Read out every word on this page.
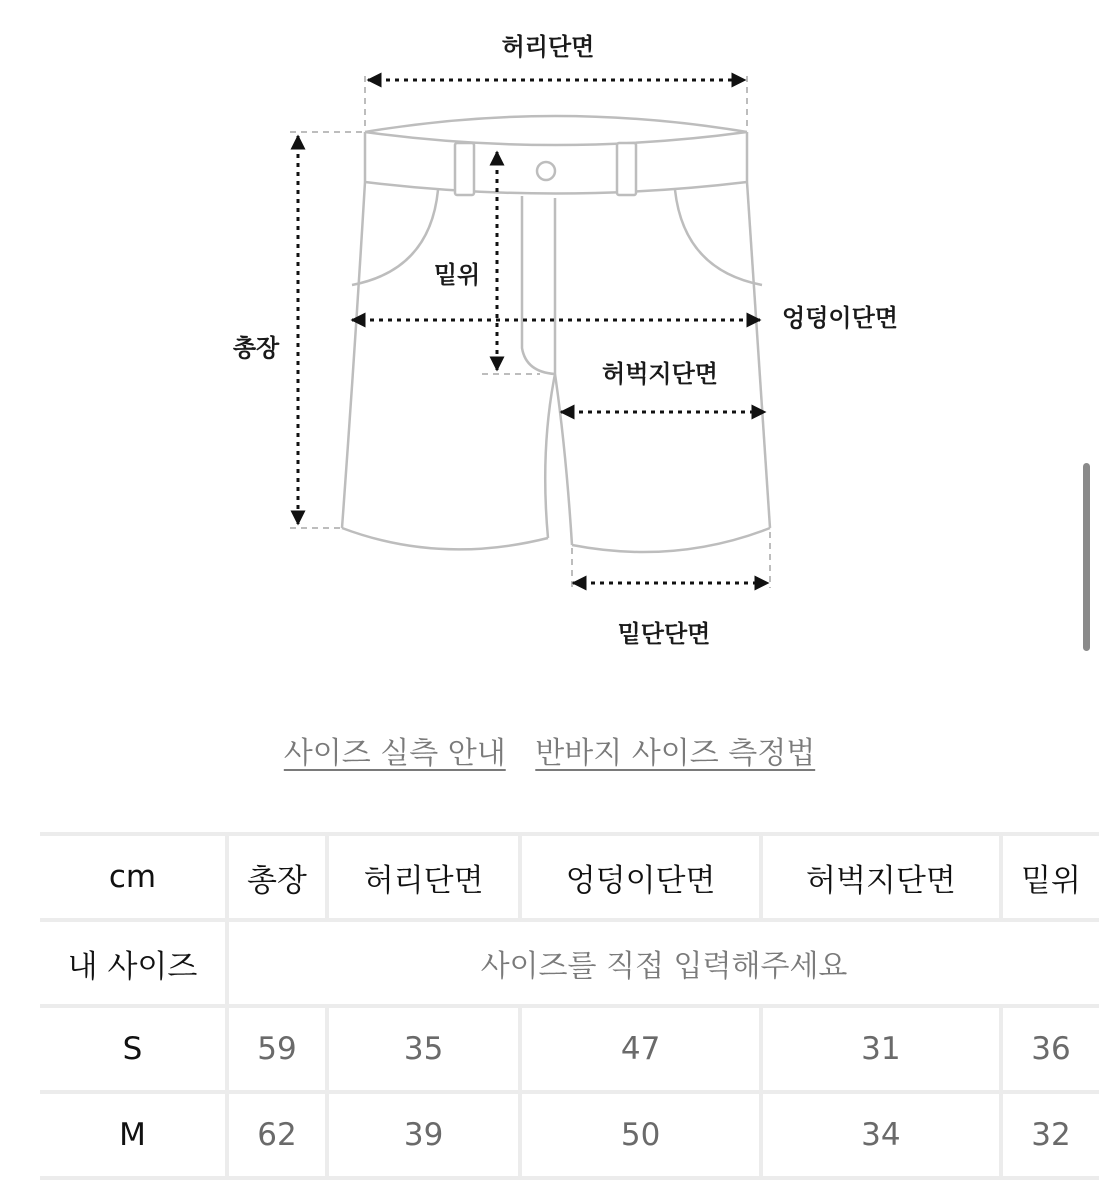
허리단면
총장
밑위
엉덩이단면
허벅지단면
밑단단면
사이즈 실측 안내 반바지 사이즈 측정법
cm	총장	허리단면	엉덩이단면	허벅지단면	밑위
내 사이즈	사이즈를 직접 입력해주세요				
S	59	35	47	31	36
M	62	39	50	34	32
